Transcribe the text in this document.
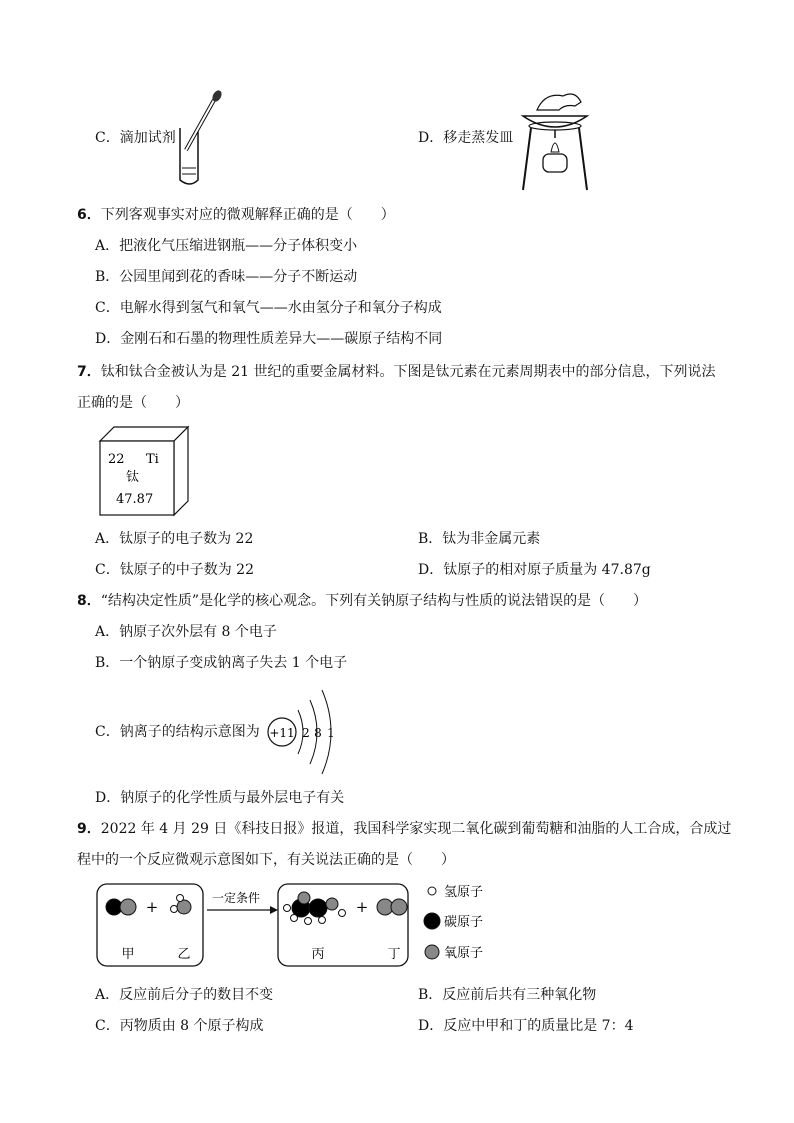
C．滴加试剂	D．移走蒸发皿
6．下列客观事实对应的微观解释正确的是（　　）
A．把液化气压缩进钢瓶——分子体积变小
B．公园里闻到花的香味——分子不断运动
C．电解水得到氢气和氧气——水由氢分子和氧分子构成
D．金刚石和石墨的物理性质差异大——碳原子结构不同
7．钛和钛合金被认为是 21 世纪的重要金属材料。下图是钛元素在元素周期表中的部分信息，下列说法
正确的是（　　）
22 Ti
钛
47.87
A．钛原子的电子数为 22	B．钛为非金属元素
C．钛原子的中子数为 22	D．钛原子的相对原子质量为 47.87g
8．“结构决定性质”是化学的核心观念。下列有关钠原子结构与性质的说法错误的是（　　）
A．钠原子次外层有 8 个电子
B．一个钠原子变成钠离子失去 1 个电子
C．钠离子的结构示意图为 +11 2 8 1
D．钠原子的化学性质与最外层电子有关
9．2022 年 4 月 29 日《科技日报》报道，我国科学家实现二氧化碳到葡萄糖和油脂的人工合成，合成过
程中的一个反应微观示意图如下，有关说法正确的是（　　）
+
甲	乙
一定条件	+
丙	丁
氢原子
碳原子
氧原子
A．反应前后分子的数目不变	B．反应前后共有三种氧化物
C．丙物质由 8 个原子构成	D．反应中甲和丁的质量比是 7：4
